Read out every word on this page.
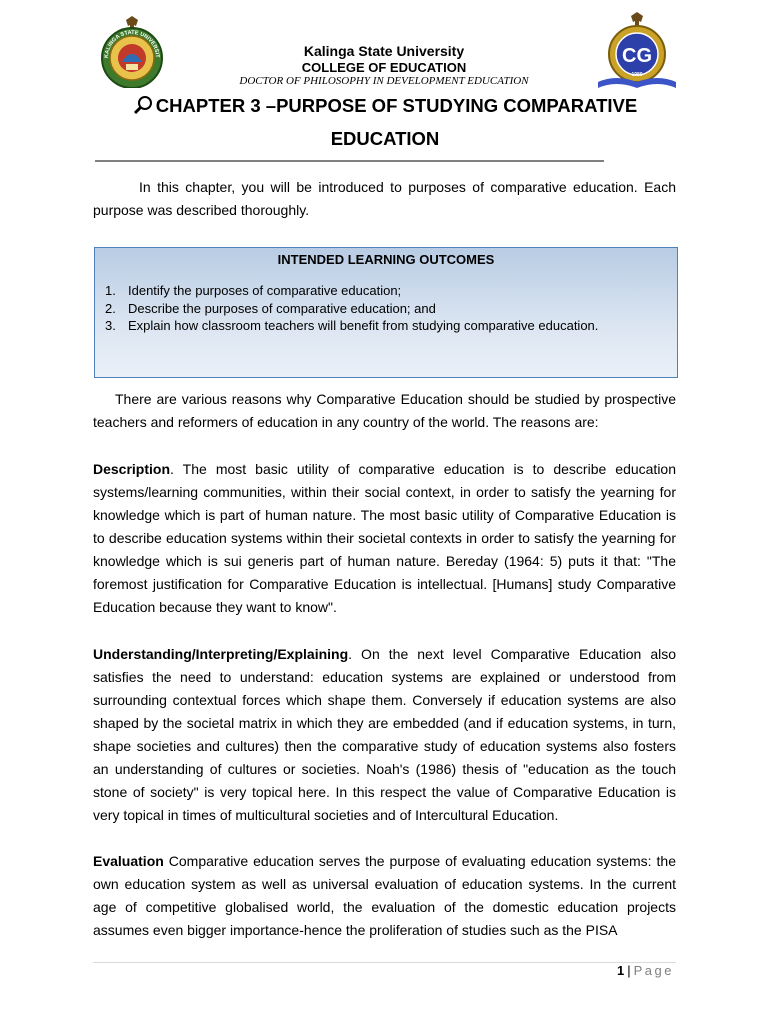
KALINGA STATE UNIVERSIT	CG
1980
Kalinga State University
COLLEGE OF EDUCATION
DOCTOR OF PHILOSOPHY IN DEVELOPMENT EDUCATION
CHAPTER 3 –PURPOSE OF STUDYING COMPARATIVE EDUCATION
In this chapter, you will be introduced to purposes of comparative education. Each purpose was described thoroughly.
INTENDED LEARNING OUTCOMES
1. Identify the purposes of comparative education;
2. Describe the purposes of comparative education; and
3. Explain how classroom teachers will benefit from studying comparative education.
There are various reasons why Comparative Education should be studied by prospective teachers and reformers of education in any country of the world. The reasons are:
Description. The most basic utility of comparative education is to describe education systems/learning communities, within their social context, in order to satisfy the yearning for knowledge which is part of human nature. The most basic utility of Comparative Education is to describe education systems within their societal contexts in order to satisfy the yearning for knowledge which is sui generis part of human nature. Bereday (1964: 5) puts it that: "The foremost justification for Comparative Education is intellectual. [Humans] study Comparative Education because they want to know".
Understanding/Interpreting/Explaining. On the next level Comparative Education also satisfies the need to understand: education systems are explained or understood from surrounding contextual forces which shape them. Conversely if education systems are also shaped by the societal matrix in which they are embedded (and if education systems, in turn, shape societies and cultures) then the comparative study of education systems also fosters an understanding of cultures or societies. Noah's (1986) thesis of "education as the touch stone of society" is very topical here. In this respect the value of Comparative Education is very topical in times of multicultural societies and of Intercultural Education.
Evaluation Comparative education serves the purpose of evaluating education systems: the own education system as well as universal evaluation of education systems. In the current age of competitive globalised world, the evaluation of the domestic education projects assumes even bigger importance-hence the proliferation of studies such as the PISA
1 | Page
